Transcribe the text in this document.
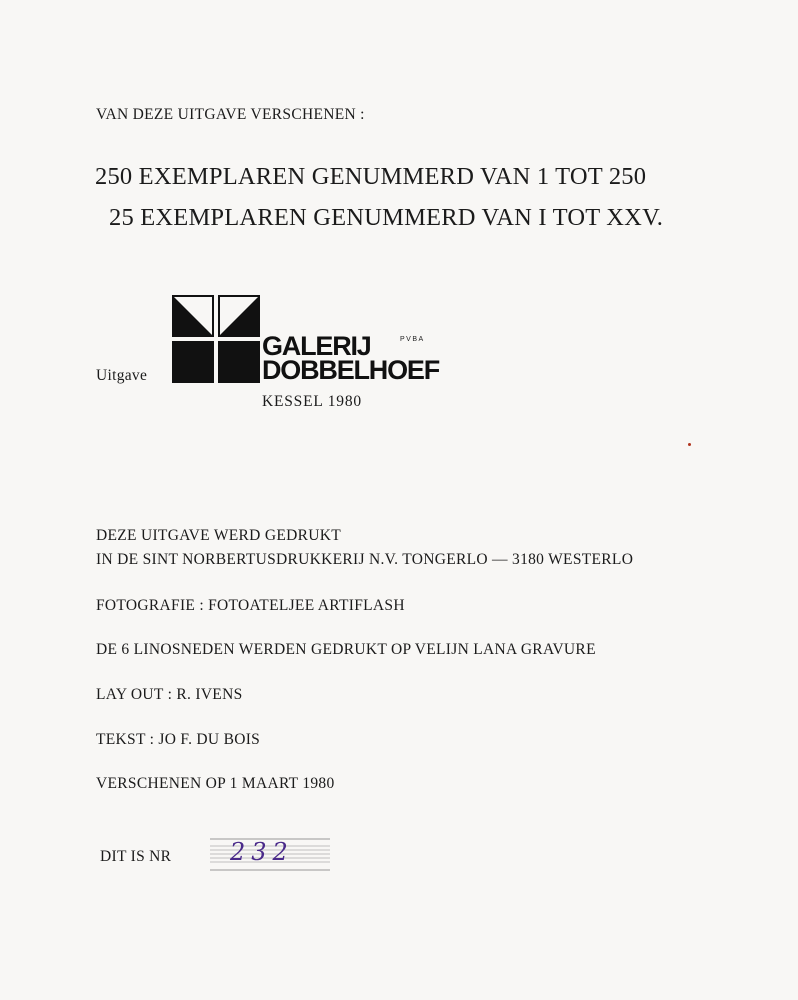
VAN DEZE UITGAVE VERSCHENEN :
250 EXEMPLAREN GENUMMERD VAN 1 TOT 250
25 EXEMPLAREN GENUMMERD VAN I TOT XXV.
Uitgave
GALERIJ
DOBBELHOEF
PVBA
KESSEL 1980
DEZE UITGAVE WERD GEDRUKT
IN DE SINT NORBERTUSDRUKKERIJ N.V. TONGERLO — 3180 WESTERLO
FOTOGRAFIE : FOTOATELJEE ARTIFLASH
DE 6 LINOSNEDEN WERDEN GEDRUKT OP VELIJN LANA GRAVURE
LAY OUT : R. IVENS
TEKST : JO F. DU BOIS
VERSCHENEN OP 1 MAART 1980
DIT IS NR 232
